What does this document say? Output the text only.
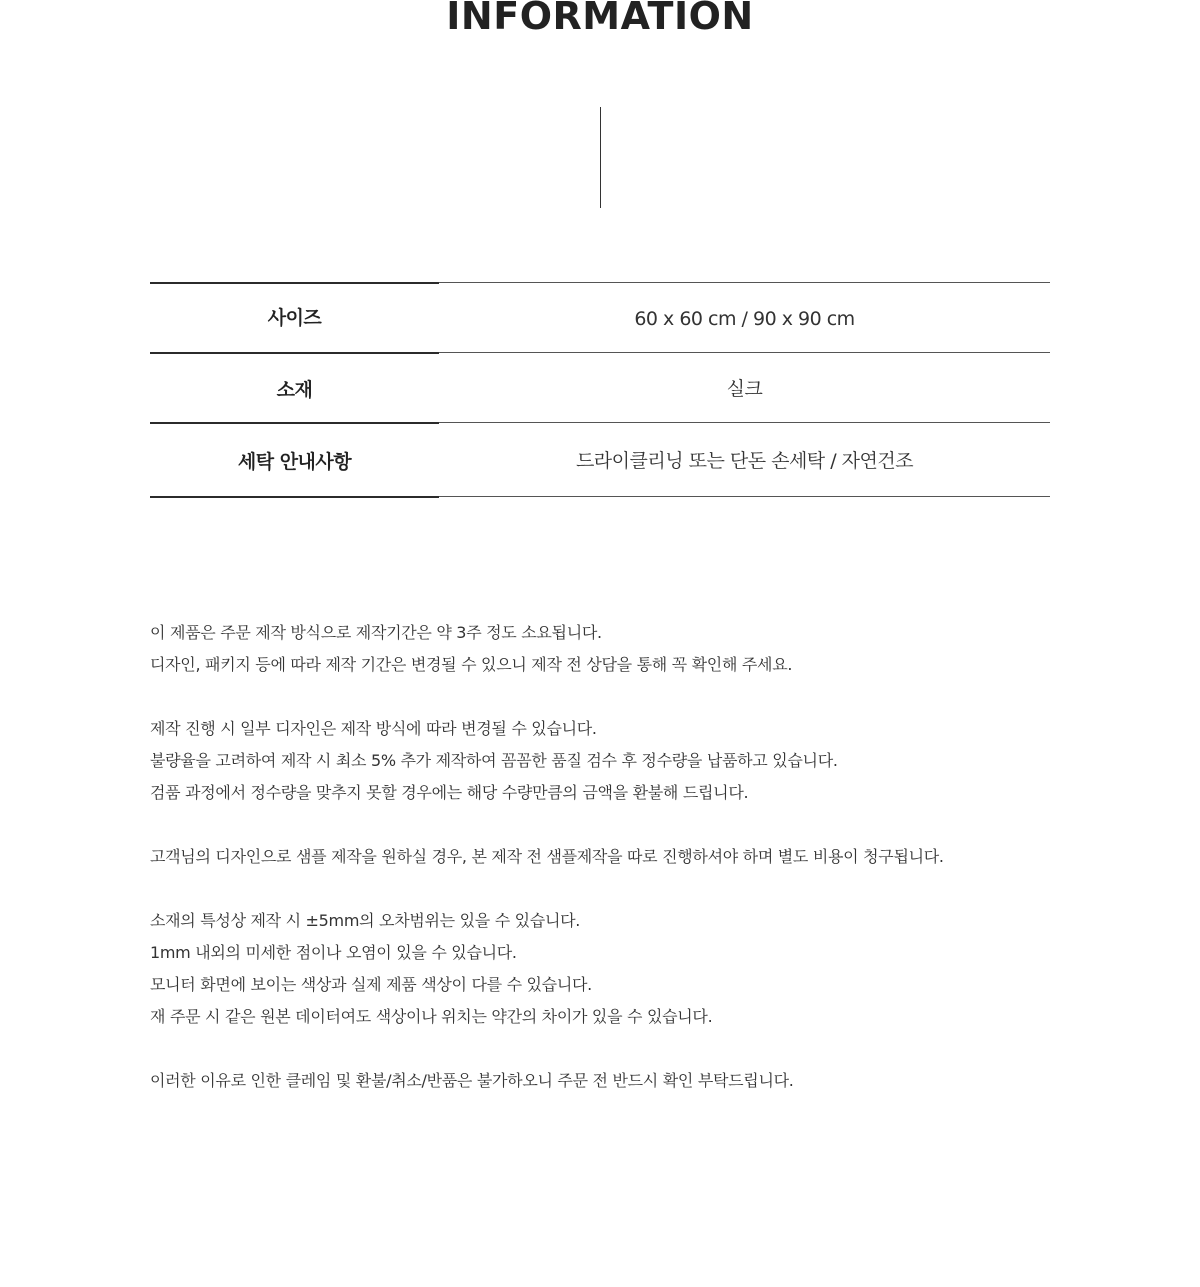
INFORMATION
사이즈	60 x 60 cm / 90 x 90 cm
소재	실크
세탁 안내사항	드라이클리닝 또는 단돈 손세탁 / 자연건조
이 제품은 주문 제작 방식으로 제작기간은 약 3주 정도 소요됩니다.
디자인, 패키지 등에 따라 제작 기간은 변경될 수 있으니 제작 전 상담을 통해 꼭 확인해 주세요.
제작 진행 시 일부 디자인은 제작 방식에 따라 변경될 수 있습니다.
불량율을 고려하여 제작 시 최소 5% 추가 제작하여 꼼꼼한 품질 검수 후 정수량을 납품하고 있습니다.
검품 과정에서 정수량을 맞추지 못할 경우에는 해당 수량만큼의 금액을 환불해 드립니다.
고객님의 디자인으로 샘플 제작을 원하실 경우, 본 제작 전 샘플제작을 따로 진행하셔야 하며 별도 비용이 청구됩니다.
소재의 특성상 제작 시 ±5mm의 오차범위는 있을 수 있습니다.
1mm 내외의 미세한 점이나 오염이 있을 수 있습니다.
모니터 화면에 보이는 색상과 실제 제품 색상이 다를 수 있습니다.
재 주문 시 같은 원본 데이터여도 색상이나 위치는 약간의 차이가 있을 수 있습니다.
이러한 이유로 인한 클레임 및 환불/취소/반품은 불가하오니 주문 전 반드시 확인 부탁드립니다.
